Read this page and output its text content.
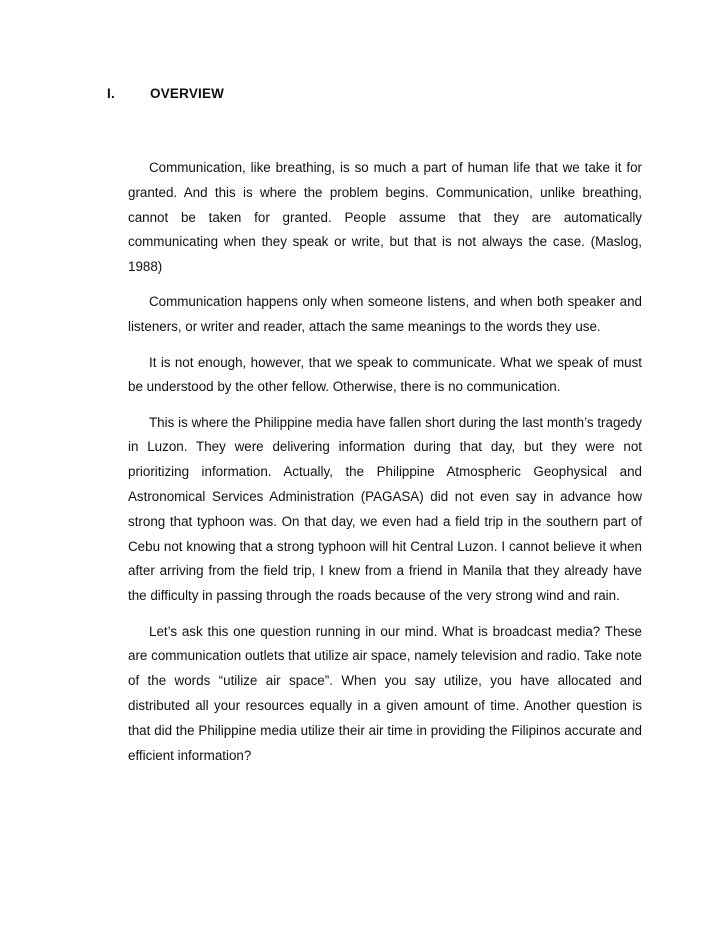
I.	OVERVIEW

Communication, like breathing, is so much a part of human life that we take it for granted. And this is where the problem begins. Communication, unlike breathing, cannot be taken for granted. People assume that they are automatically communicating when they speak or write, but that is not always the case. (Maslog, 1988)

Communication happens only when someone listens, and when both speaker and listeners, or writer and reader, attach the same meanings to the words they use.

It is not enough, however, that we speak to communicate. What we speak of must be understood by the other fellow. Otherwise, there is no communication.

This is where the Philippine media have fallen short during the last month’s tragedy in Luzon. They were delivering information during that day, but they were not prioritizing information. Actually, the Philippine Atmospheric Geophysical and Astronomical Services Administration (PAGASA) did not even say in advance how strong that typhoon was. On that day, we even had a field trip in the southern part of Cebu not knowing that a strong typhoon will hit Central Luzon. I cannot believe it when after arriving from the field trip, I knew from a friend in Manila that they already have the difficulty in passing through the roads because of the very strong wind and rain.

Let’s ask this one question running in our mind. What is broadcast media? These are communication outlets that utilize air space, namely television and radio. Take note of the words “utilize air space”. When you say utilize, you have allocated and distributed all your resources equally in a given amount of time. Another question is that did the Philippine media utilize their air time in providing the Filipinos accurate and efficient information?
